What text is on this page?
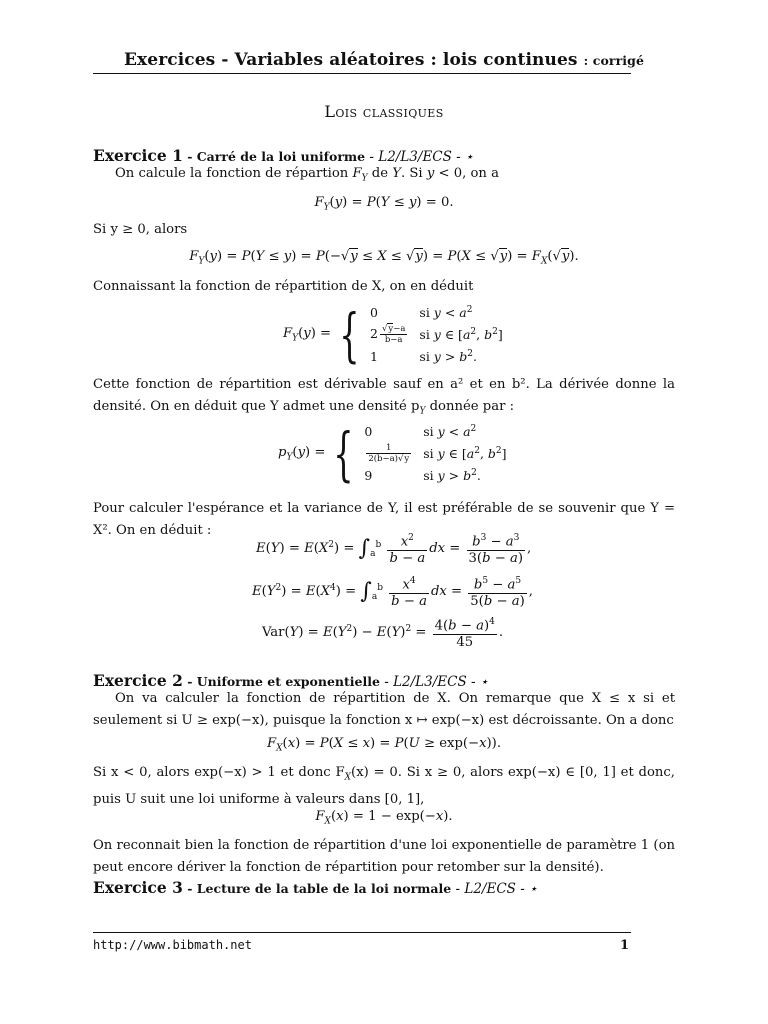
Exercices - Variables aléatoires : lois continues : corrigé
Lois classiques
Exercice 1 - Carré de la loi uniforme - L2/L3/ECS - ⋆
On calcule la fonction de répartion $F_Y$ de Y. Si y < 0, on a
$F_Y(y) = P(Y \le y) = 0$.
Si y ≥ 0, alors
$F_Y(y) = P(Y \le y) = P(-√y \le X \le √y) = P(X \le √y) = F_X(√y)$.
Connaissant la fonction de répartition de X, on en déduit
$F_Y(y)$ = { 0	si $y < a^2$
$2 \frac{√y-a}{b-a}$	si y ∈ [$a^2$, $b^2$]
1	si $y > b^2$.
Cette fonction de répartition est dérivable sauf en a² et en b². La dérivée donne la densité. On en déduit que Y admet une densité $p_Y$ donnée par :
$p_Y(y)$ = { 0	si $y < a^2$

$\frac{1}{2(b-a)√y}$	si y ∈ [$a^2$, $b^2$]
9	si $y > b^2$.
Pour calculer l'espérance et la variance de Y, il est préférable de se souvenir que Y = X². On en déduit :
$E(Y) = E(X^2) = \int_a^b \frac{x^2}{b - a}$ dx = $\frac{b^3 - a^3}{3(b - a)}$ ,
$E(Y^2) = E(X^4) = \int_a^b \frac{x^4}{b - a}$ dx = $\frac{b^5 - a^5}{5(b - a)}$ ,
$Var(Y) = E(Y^2) - E(Y)^2 = \frac{4(b - a)^4}{45}$ .
Exercice 2 - Uniforme et exponentielle - L2/L3/ECS - ⋆
On va calculer la fonction de répartition de X. On remarque que X ≤ x si et seulement si U ≥ exp(−x), puisque la fonction x ↦ exp(−x) est décroissante. On a donc
$F_X(x) = P(X \le x) = P(U \ge \exp(-x))$.
Si x < 0, alors exp(−x) > 1 et donc $F_X(x) = 0$. Si x ≥ 0, alors exp(−x) ∈ [0, 1] et donc, puis U suit une loi uniforme à valeurs dans [0, 1],
$F_X(x) = 1 - \exp(-x)$.
On reconnait bien la fonction de répartition d'une loi exponentielle de paramètre 1 (on peut encore dériver la fonction de répartition pour retomber sur la densité).
Exercice 3 - Lecture de la table de la loi normale - L2/ECS - ⋆
http://www.bibmath.net	1
